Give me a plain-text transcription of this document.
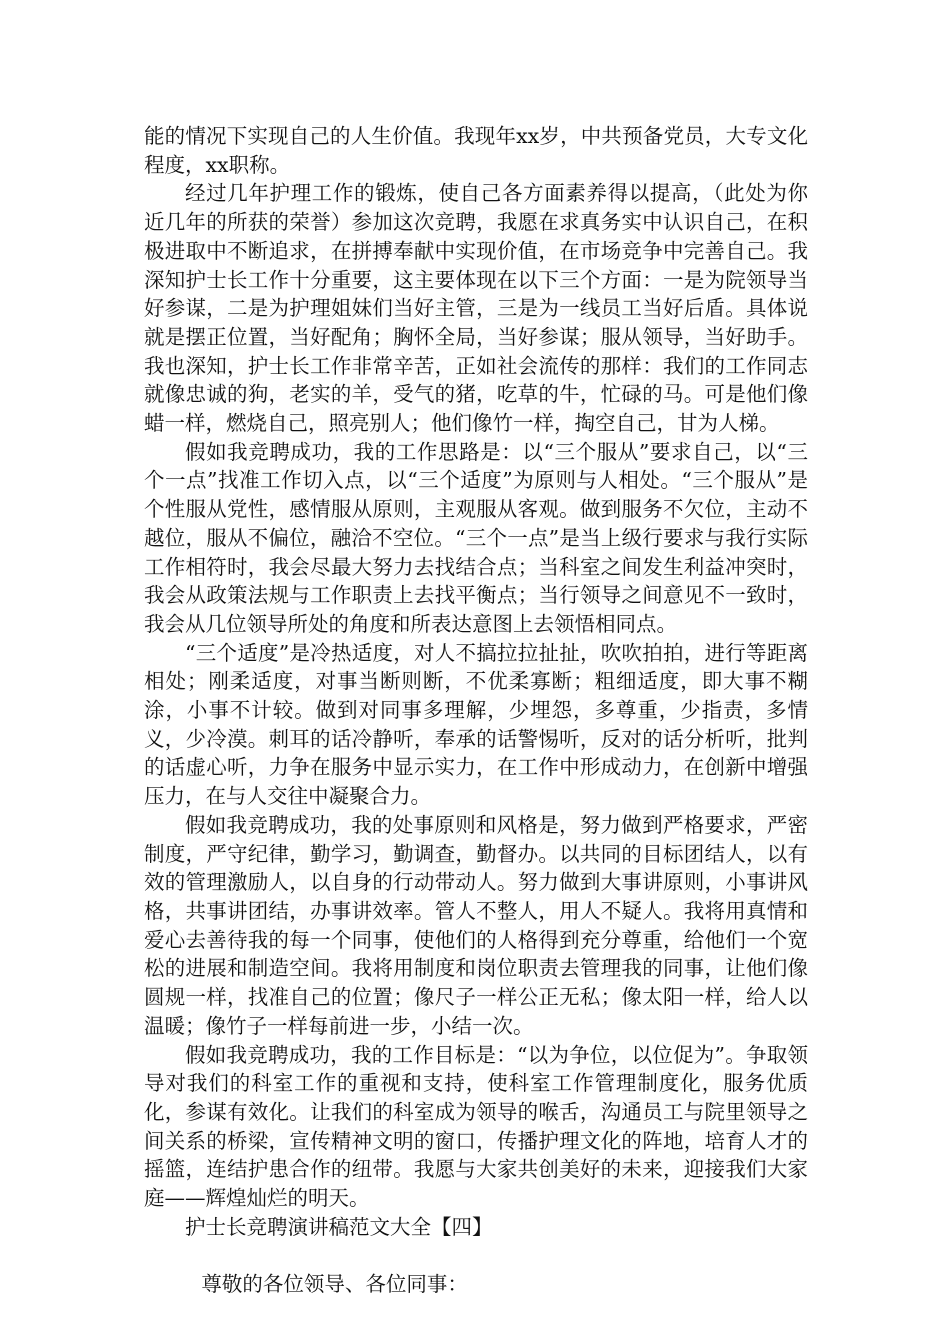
能的情况下实现自己的人生价值。我现年xx岁，中共预备党员，大专文化程度，xx职称。

经过几年护理工作的锻炼，使自己各方面素养得以提高，（此处为你近几年的所获的荣誉）参加这次竞聘，我愿在求真务实中认识自己，在积极进取中不断追求，在拼搏奉献中实现价值，在市场竞争中完善自己。我深知护士长工作十分重要，这主要体现在以下三个方面：一是为院领导当好参谋，二是为护理姐妹们当好主管，三是为一线员工当好后盾。具体说就是摆正位置，当好配角；胸怀全局，当好参谋；服从领导，当好助手。我也深知，护士长工作非常辛苦，正如社会流传的那样：我们的工作同志就像忠诚的狗，老实的羊，受气的猪，吃草的牛，忙碌的马。可是他们像蜡一样，燃烧自己，照亮别人；他们像竹一样，掏空自己，甘为人梯。

假如我竞聘成功，我的工作思路是：以“三个服从”要求自己，以“三个一点”找准工作切入点，以“三个适度”为原则与人相处。“三个服从”是个性服从党性，感情服从原则，主观服从客观。做到服务不欠位，主动不越位，服从不偏位，融洽不空位。“三个一点”是当上级行要求与我行实际工作相符时，我会尽最大努力去找结合点；当科室之间发生利益冲突时，我会从政策法规与工作职责上去找平衡点；当行领导之间意见不一致时，我会从几位领导所处的角度和所表达意图上去领悟相同点。

“三个适度”是冷热适度，对人不搞拉拉扯扯，吹吹拍拍，进行等距离相处；刚柔适度，对事当断则断，不优柔寡断；粗细适度，即大事不糊涂，小事不计较。做到对同事多理解，少埋怨，多尊重，少指责，多情义，少冷漠。刺耳的话冷静听，奉承的话警惕听，反对的话分析听，批判的话虚心听，力争在服务中显示实力，在工作中形成动力，在创新中增强压力，在与人交往中凝聚合力。

假如我竞聘成功，我的处事原则和风格是，努力做到严格要求，严密制度，严守纪律，勤学习，勤调查，勤督办。以共同的目标团结人，以有效的管理激励人，以自身的行动带动人。努力做到大事讲原则，小事讲风格，共事讲团结，办事讲效率。管人不整人，用人不疑人。我将用真情和爱心去善待我的每一个同事，使他们的人格得到充分尊重，给他们一个宽松的进展和制造空间。我将用制度和岗位职责去管理我的同事，让他们像圆规一样，找准自己的位置；像尺子一样公正无私；像太阳一样，给人以温暖；像竹子一样每前进一步，小结一次。

假如我竞聘成功，我的工作目标是：“以为争位，以位促为”。争取领导对我们的科室工作的重视和支持，使科室工作管理制度化，服务优质化，参谋有效化。让我们的科室成为领导的喉舌，沟通员工与院里领导之间关系的桥梁，宣传精神文明的窗口，传播护理文化的阵地，培育人才的摇篮，连结护患合作的纽带。我愿与大家共创美好的未来，迎接我们大家庭——辉煌灿烂的明天。

护士长竞聘演讲稿范文大全【四】

尊敬的各位领导、各位同事：
